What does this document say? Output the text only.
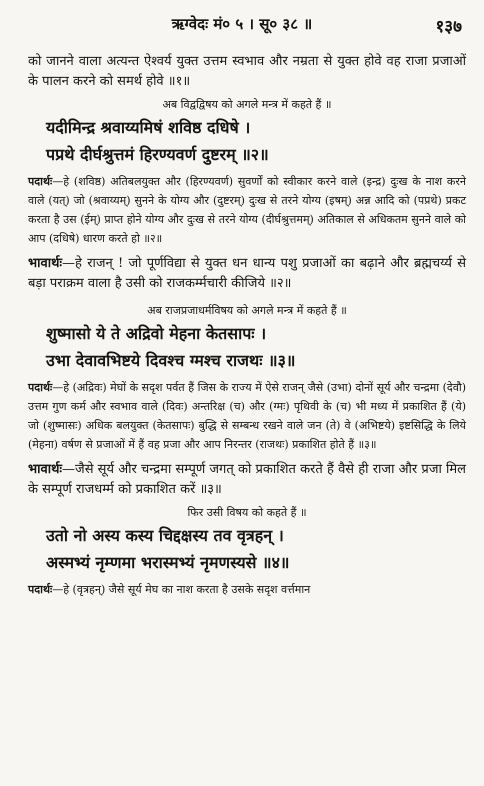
ऋग्वेदः मं० ५ । सू० ३८ ॥	१३७

को जानने वाला अत्यन्त ऐश्वर्य युक्त उत्तम स्वभाव और नम्रता से युक्त होवे वह राजा प्रजाओं के पालन करने को समर्थ होवे ॥१॥

अब विद्वद्विषय को अगले मन्त्र में कहते हैं ॥

यदीमिन्द्र श्रवाय्यमिषं शविष्ठ दधिषे ।
पप्रथे दीर्घश्रुत्तमं हिरण्यवर्ण दुष्टरम् ॥२॥

पदार्थः—हे (शविष्ठ) अतिबलयुक्त और (हिरण्यवर्ण) सुवर्णों को स्वीकार करने वाले (इन्द्र) दुःख के नाश करने वाले (यत्) जो (श्रवाय्यम्) सुनने के योग्य और (दुष्टरम्) दुःख से तरने योग्य (इषम्) अन्न आदि को (पप्रथे) प्रकट करता है उस (ईम्) प्राप्त होने योग्य और दुःख से तरने योग्य (दीर्घश्रुत्तमम्) अतिकाल से अधिकतम सुनने वाले को आप (दधिषे) धारण करते हो ॥२॥

भावार्थः—हे राजन् ! जो पूर्णविद्या से युक्त धन धान्य पशु प्रजाओं का बढ़ाने और ब्रह्मचर्य्य से बड़ा पराक्रम वाला है उसी को राजकर्म्मचारी कीजिये ॥२॥

अब राजप्रजाधर्मविषय को अगले मन्त्र में कहते हैं ॥

शुष्मासो ये ते अद्रिवो मेहना केतसापः ।
उभा देवावभिष्टये दिवश्च ग्मश्च राजथः ॥३॥

पदार्थः—हे (अद्रिवः) मेघों के सदृश पर्वत हैं जिस के राज्य में ऐसे राजन् जैसे (उभा) दोनों सूर्य और चन्द्रमा (देवौ) उत्तम गुण कर्म और स्वभाव वाले (दिवः) अन्तरिक्ष (च) और (ग्मः) पृथिवी के (च) भी मध्य में प्रकाशित हैं (ये) जो (शुष्मासः) अधिक बलयुक्त (केतसापः) बुद्धि से सम्बन्ध रखने वाले जन (ते) वे (अभिष्टये) इष्टसिद्धि के लिये (मेहना) वर्षण से प्रजाओं में हैं वह प्रजा और आप निरन्तर (राजथः) प्रकाशित होते हैं ॥३॥

भावार्थः—जैसे सूर्य और चन्द्रमा सम्पूर्ण जगत् को प्रकाशित करते हैं वैसे ही राजा और प्रजा मिल के सम्पूर्ण राजधर्म्म को प्रकाशित करें ॥३॥

फिर उसी विषय को कहते हैं ॥

उतो नो अस्य कस्य चिद्दक्षस्य तव वृत्रहन् ।
अस्मभ्यं नृम्णमा भरास्मभ्यं नृमणस्यसे ॥४॥

पदार्थः—हे (वृत्रहन्) जैसे सूर्य मेघ का नाश करता है उसके सदृश वर्त्तमान
